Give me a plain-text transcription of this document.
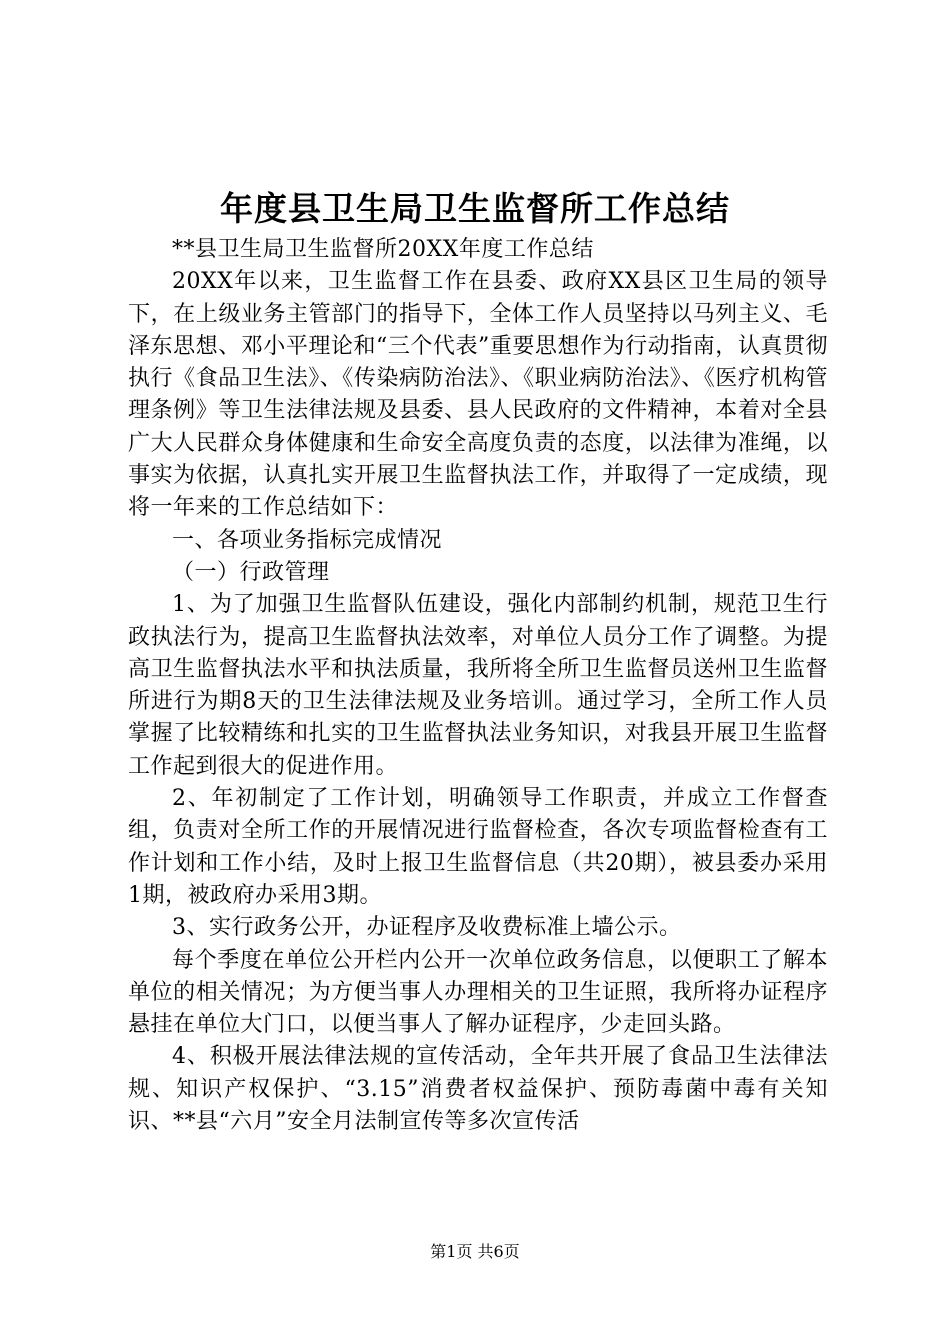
年度县卫生局卫生监督所工作总结

**县卫生局卫生监督所20XX年度工作总结

20XX年以来，卫生监督工作在县委、政府XX县区卫生局的领导下，在上级业务主管部门的指导下，全体工作人员坚持以马列主义、毛泽东思想、邓小平理论和“三个代表”重要思想作为行动指南，认真贯彻执行《食品卫生法》、《传染病防治法》、《职业病防治法》、《医疗机构管理条例》等卫生法律法规及县委、县人民政府的文件精神，本着对全县广大人民群众身体健康和生命安全高度负责的态度，以法律为准绳，以事实为依据，认真扎实开展卫生监督执法工作，并取得了一定成绩，现将一年来的工作总结如下：

一、各项业务指标完成情况

（一）行政管理

1、为了加强卫生监督队伍建设，强化内部制约机制，规范卫生行政执法行为，提高卫生监督执法效率，对单位人员分工作了调整。为提高卫生监督执法水平和执法质量，我所将全所卫生监督员送州卫生监督所进行为期8天的卫生法律法规及业务培训。通过学习，全所工作人员掌握了比较精练和扎实的卫生监督执法业务知识，对我县开展卫生监督工作起到很大的促进作用。

2、年初制定了工作计划，明确领导工作职责，并成立工作督查组，负责对全所工作的开展情况进行监督检查，各次专项监督检查有工作计划和工作小结，及时上报卫生监督信息（共20期），被县委办采用1期，被政府办采用3期。

3、实行政务公开，办证程序及收费标准上墙公示。

每个季度在单位公开栏内公开一次单位政务信息，以便职工了解本单位的相关情况；为方便当事人办理相关的卫生证照，我所将办证程序悬挂在单位大门口，以便当事人了解办证程序，少走回头路。

4、积极开展法律法规的宣传活动，全年共开展了食品卫生法律法规、知识产权保护、“3.15”消费者权益保护、预防毒菌中毒有关知识、**县“六月”安全月法制宣传等多次宣传活

第1页 共6页
